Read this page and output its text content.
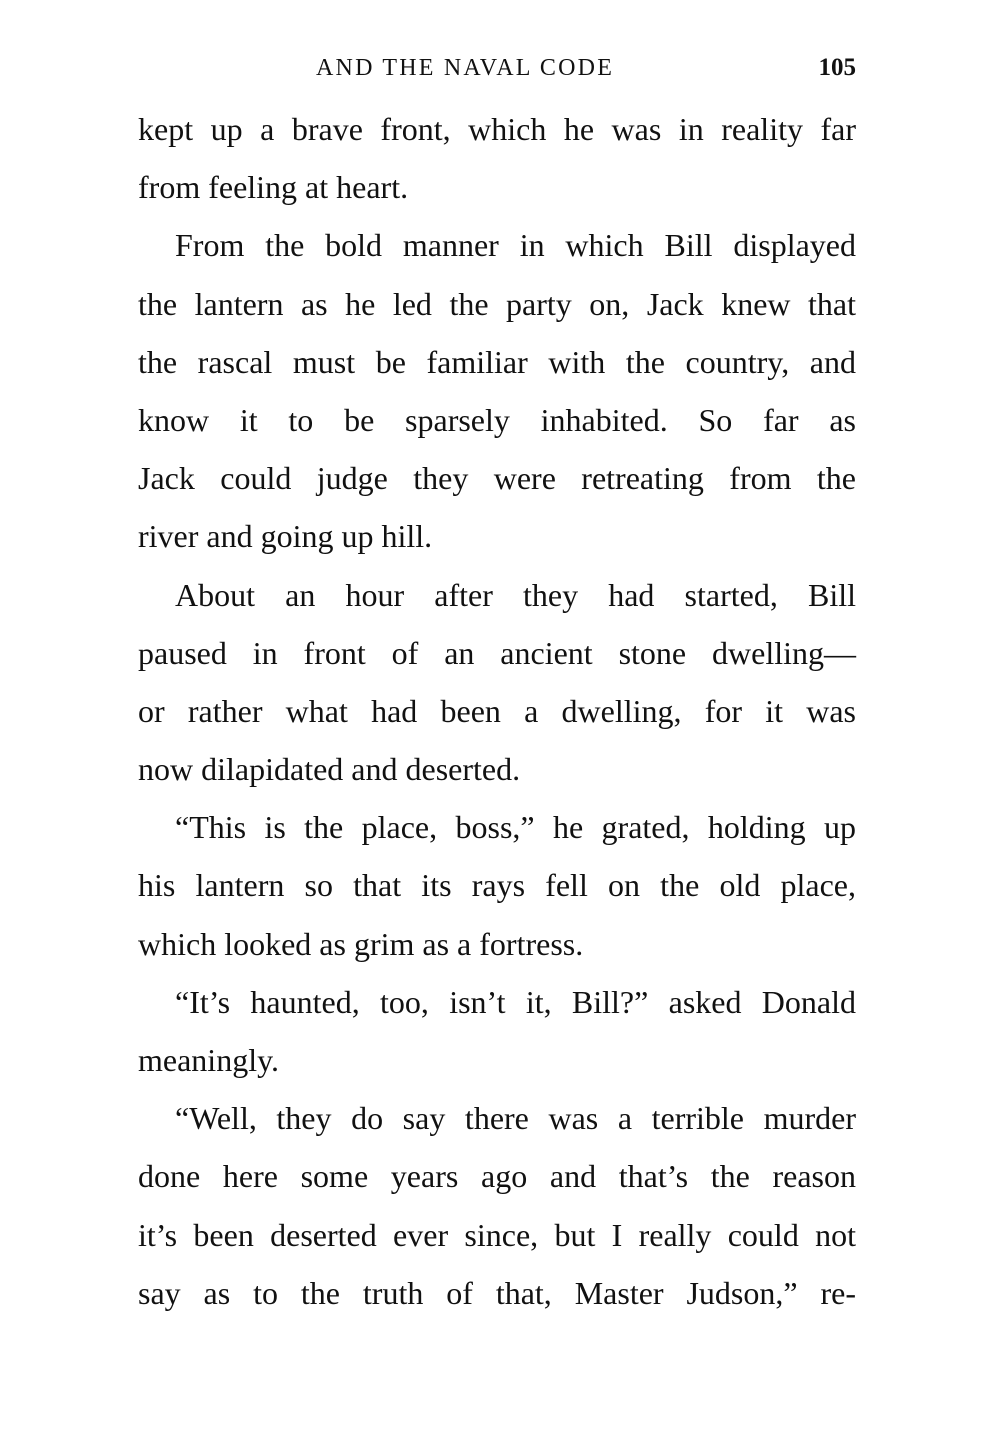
AND THE NAVAL CODE	105
kept up a brave front, which he was in reality far
from feeling at heart.
From the bold manner in which Bill displayed
the lantern as he led the party on, Jack knew that
the rascal must be familiar with the country, and
know it to be sparsely inhabited. So far as
Jack could judge they were retreating from the
river and going up hill.
About an hour after they had started, Bill
paused in front of an ancient stone dwelling—
or rather what had been a dwelling, for it was
now dilapidated and deserted.
“This is the place, boss,” he grated, holding up
his lantern so that its rays fell on the old place,
which looked as grim as a fortress.
“It’s haunted, too, isn’t it, Bill?” asked Donald
meaningly.
“Well, they do say there was a terrible murder
done here some years ago and that’s the reason
it’s been deserted ever since, but I really could not
say as to the truth of that, Master Judson,” re-
